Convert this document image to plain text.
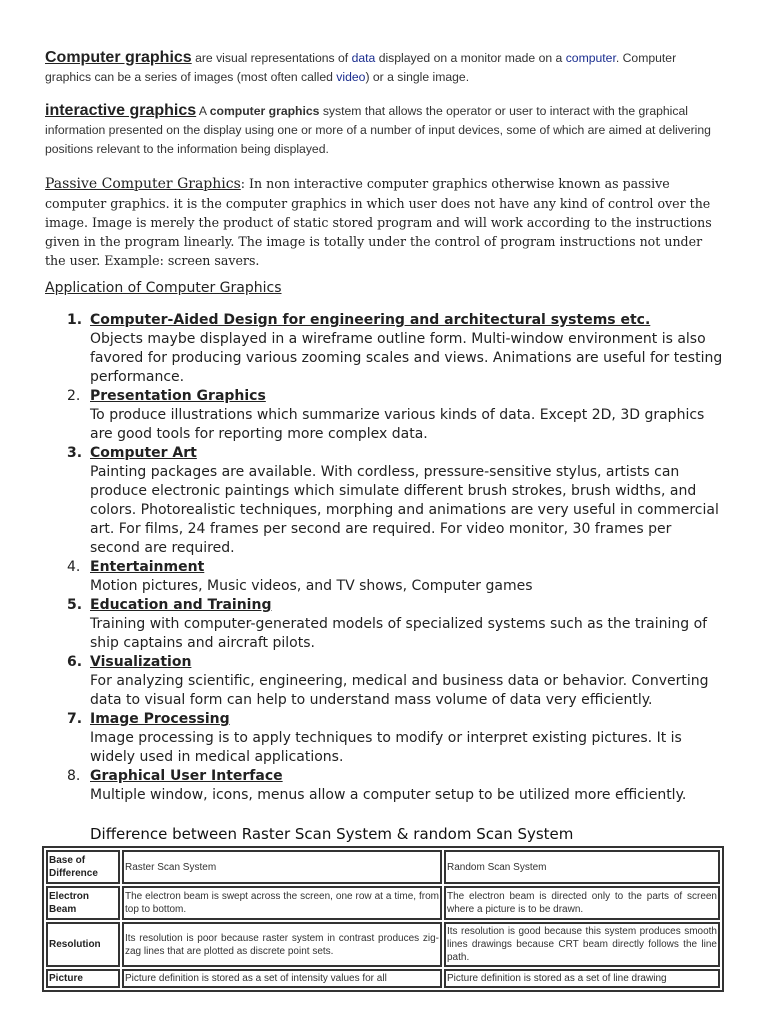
Computer graphics are visual representations of data displayed on a monitor made on a computer. Computer graphics can be a series of images (most often called video) or a single image.

interactive graphics A computer graphics system that allows the operator or user to interact with the graphical information presented on the display using one or more of a number of input devices, some of which are aimed at delivering positions relevant to the information being displayed.

Passive Computer Graphics: In non interactive computer graphics otherwise known as passive computer graphics. it is the computer graphics in which user does not have any kind of control over the image. Image is merely the product of static stored program and will work according to the instructions given in the program linearly. The image is totally under the control of program instructions not under the user. Example: screen savers.

Application of Computer Graphics
1. Computer-Aided Design for engineering and architectural systems etc.
Objects maybe displayed in a wireframe outline form. Multi-window environment is also favored for producing various zooming scales and views. Animations are useful for testing performance.
2. Presentation Graphics
To produce illustrations which summarize various kinds of data. Except 2D, 3D graphics are good tools for reporting more complex data.
3. Computer Art
Painting packages are available. With cordless, pressure-sensitive stylus, artists can produce electronic paintings which simulate different brush strokes, brush widths, and colors. Photorealistic techniques, morphing and animations are very useful in commercial art. For films, 24 frames per second are required. For video monitor, 30 frames per second are required.
4. Entertainment
Motion pictures, Music videos, and TV shows, Computer games
5. Education and Training
Training with computer-generated models of specialized systems such as the training of ship captains and aircraft pilots.
6. Visualization
For analyzing scientific, engineering, medical and business data or behavior. Converting data to visual form can help to understand mass volume of data very efficiently.
7. Image Processing
Image processing is to apply techniques to modify or interpret existing pictures. It is widely used in medical applications.
8. Graphical User Interface
Multiple window, icons, menus allow a computer setup to be utilized more efficiently.
Difference between Raster Scan System & random Scan System
Base of Difference	Raster Scan System	Random Scan System
Electron Beam	The electron beam is swept across the screen, one row at a time, from top to bottom.	The electron beam is directed only to the parts of screen where a picture is to be drawn.
Resolution	Its resolution is poor because raster system in contrast produces zig-zag lines that are plotted as discrete point sets.	Its resolution is good because this system produces smooth lines drawings because CRT beam directly follows the line path.
Picture	Picture definition is stored as a set of intensity values for all	Picture definition is stored as a set of line drawing
